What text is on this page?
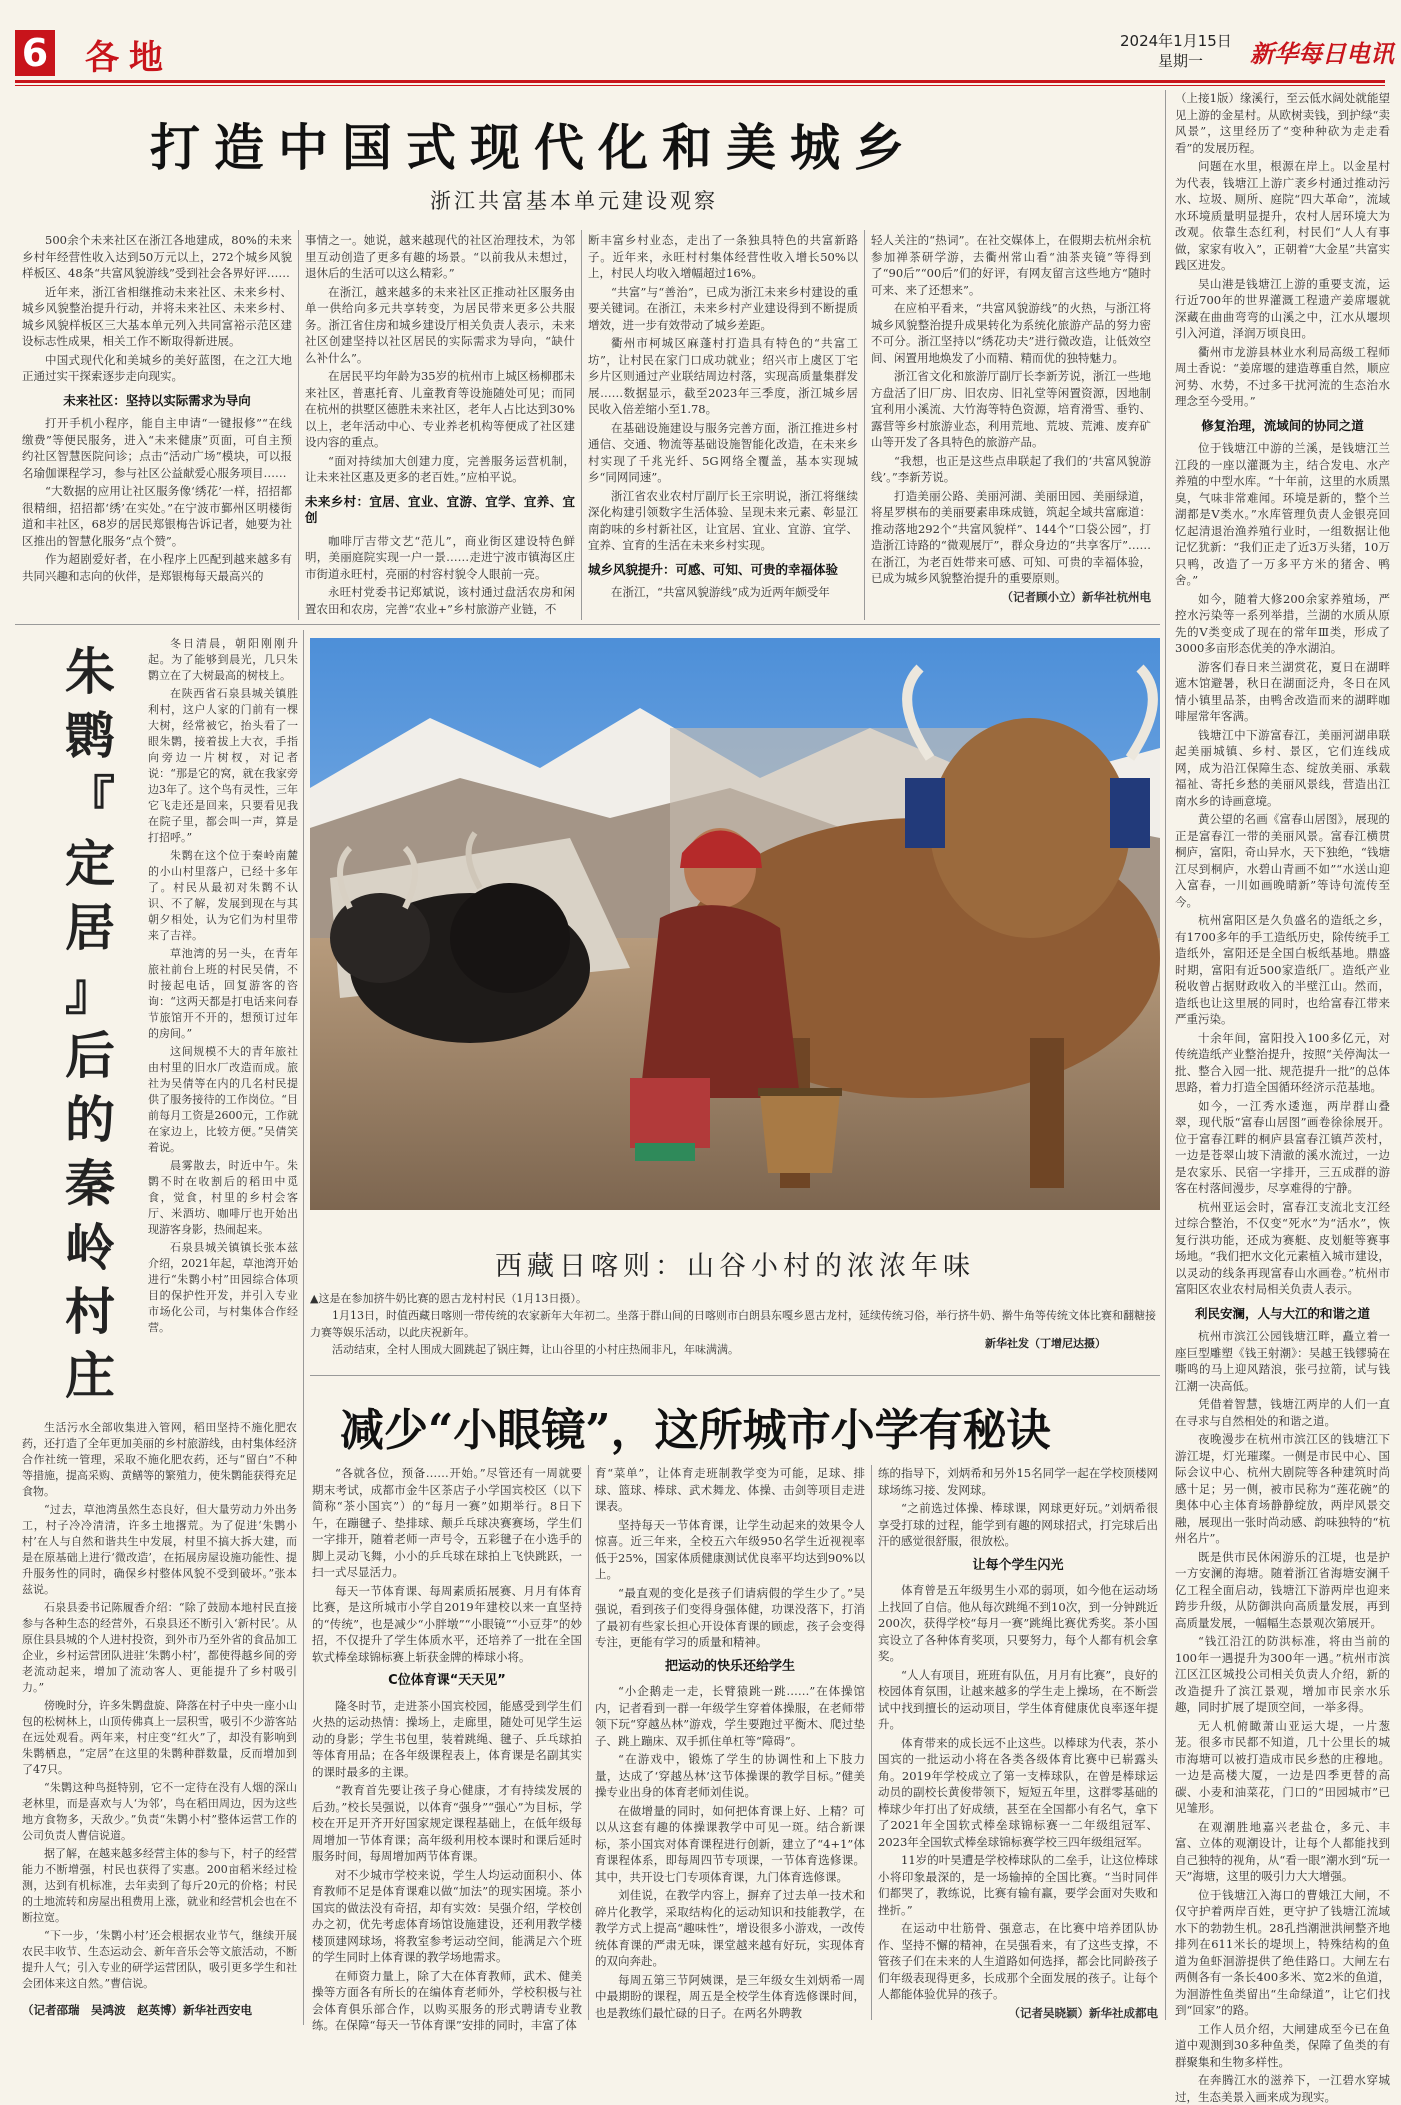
6 各地	2024年1月15日
星期一 新华每日电讯
打造中国式现代化和美城乡
浙江共富基本单元建设观察

500余个未来社区在浙江各地建成，80%的未来乡村年经营性收入达到50万元以上，272个城乡风貌样板区、48条“共富风貌游线”受到社会各界好评……

近年来，浙江省相继推动未来社区、未来乡村、城乡风貌整治提升行动，并将未来社区、未来乡村、城乡风貌样板区三大基本单元列入共同富裕示范区建设标志性成果，相关工作不断取得新进展。

中国式现代化和美城乡的美好蓝图，在之江大地正通过实干探索逐步走向现实。

未来社区：坚持以实际需求为导向

打开手机小程序，能自主申请“一键报修”“在线缴费”等便民服务，进入“未来健康”页面，可自主预约社区智慧医院问诊；点击“活动广场”模块，可以报名瑜伽课程学习，参与社区公益献爱心服务项目……

“大数据的应用让社区服务像‘绣花’一样，招招都很精细，招招都‘绣’在实处。”在宁波市鄞州区明楼街道和丰社区，68岁的居民郑银梅告诉记者，她要为社区推出的智慧化服务“点个赞”。

作为超剧爱好者，在小程序上匹配到越来越多有共同兴趣和志向的伙伴，是郑银梅每天最高兴的

事情之一。她说，越来越现代的社区治理技术，为邻里互动创造了更多有趣的场景。“以前我从未想过，退休后的生活可以这么精彩。”

在浙江，越来越多的未来社区正推动社区服务由单一供给向多元共享转变，为居民带来更多公共服务。浙江省住房和城乡建设厅相关负责人表示，未来社区创建坚持以社区居民的实际需求为导向，“缺什么补什么”。

在居民平均年龄为35岁的杭州市上城区杨柳郡未来社区，普惠托育、儿童教育等设施随处可见；而同在杭州的拱墅区德胜未来社区，老年人占比达到30%以上，老年活动中心、专业养老机构等便成了社区建设内容的重点。

“面对持续加大创建力度，完善服务运营机制，让未来社区惠及更多的老百姓。”应柏平说。

未来乡村：宜居、宜业、宜游、宜学、宜养、宜创

咖啡厅吉带文艺“范儿”，商业街区建设特色鲜明，美丽庭院实现一户一景……走进宁波市镇海区庄市街道永旺村，亮丽的村容村貌令人眼前一亮。

永旺村党委书记郑斌说，该村通过盘活农房和闲置农田和农房，完善“农业+”乡村旅游产业链，不

断丰富乡村业态，走出了一条独具特色的共富新路子。近年来，永旺村村集体经营性收入增长50%以上，村民人均收入增幅超过16%。

“共富”与“善治”，已成为浙江未来乡村建设的重要关键词。在浙江，未来乡村产业建设得到不断提质增效，进一步有效带动了城乡差距。

衢州市柯城区麻蓬村打造具有特色的“共富工坊”，让村民在家门口成功就业；绍兴市上虞区丁宅乡片区则通过产业联结周边村落，实现高质量集群发展……数据显示，截至2023年三季度，浙江城乡居民收入倍差缩小至1.78。

在基础设施建设与服务完善方面，浙江推进乡村通信、交通、物流等基础设施智能化改造，在未来乡村实现了千兆光纤、5G网络全覆盖，基本实现城乡“同网同速”。

浙江省农业农村厅副厅长王宗明说，浙江将继续深化构建引领数字生活体验、呈现未来元素、彰显江南韵味的乡村新社区，让宜居、宜业、宜游、宜学、宜养、宜育的生活在未来乡村实现。

城乡风貌提升：可感、可知、可贵的幸福体验

在浙江，“共富风貌游线”成为近两年颇受年

轻人关注的“热词”。在社交媒体上，在假期去杭州余杭参加禅茶研学游，去衢州常山看“油茶夹镜”等得到了“90后”“00后”们的好评，有网友留言这些地方“随时可来、来了还想来”。

在应柏平看来，“共富风貌游线”的火热，与浙江将城乡风貌整治提升成果转化为系统化旅游产品的努力密不可分。浙江坚持以“绣花功夫”进行微改造，让低效空间、闲置用地焕发了小而精、精而优的独特魅力。

浙江省文化和旅游厅副厅长李新芳说，浙江一些地方盘活了旧厂房、旧农房、旧礼堂等闲置资源，因地制宜利用小溪流、大竹海等特色资源，培育滑雪、垂钓、露营等乡村旅游业态，利用荒地、荒坡、荒滩、废弃矿山等开发了各具特色的旅游产品。

“我想，也正是这些点串联起了我们的‘共富风貌游线’。”李新芳说。

打造美丽公路、美丽河湖、美丽田园、美丽绿道，将星罗棋布的美丽要素串珠成链，筑起全域共富廊道：推动落地292个“共富风貌样”、144个“口袋公园”，打造浙江诗路的“微观展厅”，群众身边的“共享客厅”……在浙江，为老百姓带来可感、可知、可贵的幸福体验，已成为城乡风貌整治提升的重要原则。

（记者顾小立）新华社杭州电

（上接1版）缘溪行，至云低水阔处就能望见上游的金星村。从欧树卖钱，到护绿“卖风景”，这里经历了“变种种砍为走走看看”的发展历程。

问题在水里，根源在岸上。以金星村为代表，钱塘江上游广袤乡村通过推动污水、垃圾、厕所、庭院“四大革命”，流域水环境质量明显提升，农村人居环境大为改观。依靠生态红利，村民们“人人有事做，家家有收入”，正朝着“大金星”共富实践区进发。

吴山港是钱塘江上游的重要支流，运行近700年的世界灌溉工程遗产姜席堰就深藏在曲曲弯弯的山溪之中，江水从堰坝引入河道，泽润万顷良田。

衢州市龙游县林业水利局高级工程师周土香说：“姜席堰的建造尊重自然，顺应河势、水势，不过多干扰河流的生态治水理念至今受用。”

修复治理，流域间的协同之道

位于钱塘江中游的兰溪，是钱塘江兰江段的一座以灌溉为主，结合发电、水产养殖的中型水库。“十年前，这里的水质黑臭，气味非常难闻。环境是新的，整个兰湖都是V类水。”水库管理负责人金银亮回忆起清退治渔养殖行业时，一组数据让他记忆犹新：“我们正走了近3万头猪，10万只鸭，改造了一万多平方米的猪舍、鸭舍。”

如今，随着大修200余家养殖场，严控水污染等一系列举措，兰湖的水质从原先的V类变成了现在的常年Ⅲ类，形成了3000多亩形态优美的净水湖泊。

游客们春日来兰湖赏花，夏日在湖畔遮木馆避暑，秋日在湖面泛舟，冬日在风情小镇里品茶，由鸭舍改造而来的湖畔咖啡屋常年客满。

钱塘江中下游富春江，美丽河湖串联起美丽城镇、乡村、景区，它们连线成网，成为沿江保障生态、绽放美丽、承载福祉、寄托乡愁的美丽风景线，营造出江南水乡的诗画意境。

黄公望的名画《富春山居图》，展现的正是富春江一带的美丽风景。富春江横贯桐庐，富阳，奇山异水，天下独绝，“钱塘江尽到桐庐，水碧山青画不如”“水送山迎入富春，一川如画晚晴新”等诗句流传至今。

杭州富阳区是久负盛名的造纸之乡，有1700多年的手工造纸历史，除传统手工造纸外，富阳还是全国白板纸基地。鼎盛时期，富阳有近500家造纸厂。造纸产业税收曾占据财政收入的半壁江山。然而，造纸也让这里展的同时，也给富春江带来严重污染。

十余年间，富阳投入100多亿元，对传统造纸产业整治提升，按照“关停淘汰一批、整合入园一批、规范提升一批”的总体思路，着力打造全国循环经济示范基地。

如今，一江秀水逶迤，两岸群山叠翠，现代版“富春山居图”画卷徐徐展开。位于富春江畔的桐庐县富春江镇芦茨村，一边是苍翠山坡下清澈的溪水流过，一边是农家乐、民宿一字排开，三五成群的游客在村落间漫步，尽享难得的宁静。

杭州亚运会时，富春江支流北支江经过综合整治，不仅变“死水”为“活水”，恢复行洪功能，还成为赛艇、皮划艇等赛事场地。“我们把水文化元素植入城市建设，以灵动的线条再现富春山水画卷。”杭州市富阳区农业农村局相关负责人表示。

利民安澜，人与大江的和谐之道

杭州市滨江公园钱塘江畔，矗立着一座巨型雕塑《钱王射潮》：吴越王钱镠骑在嘶鸣的马上迎风踏浪，张弓拉箭，试与钱江潮一决高低。

凭借着智慧，钱塘江两岸的人们一直在寻求与自然相处的和谐之道。

夜晚漫步在杭州市滨江区的钱塘江下游江堤，灯光璀璨。一侧是市民中心、国际会议中心、杭州大剧院等各种建筑时尚感十足；另一侧，被市民称为“莲花碗”的奥体中心主体育场静静绽放，两岸风景交融，展现出一张时尚动感、韵味独特的“杭州名片”。

既是供市民休闲游乐的江堤，也是护一方安澜的海塘。随着浙江省海塘安澜千亿工程全面启动，钱塘江下游两岸也迎来跨步升级，从防御洪向高质量发展，再到高质量发展，一幅幅生态景观次第展开。

“钱江沿江的防洪标准，将由当前的100年一遇提升为300年一遇。”杭州市滨江区江区城投公司相关负责人介绍，新的改造提升了滨江景观，增加市民亲水乐趣，同时扩展了堤顶空间，一举多得。

无人机俯瞰萧山亚运大堤，一片葱茏。很多市民都不知道，几十公里长的城市海塘可以被打造成市民乡愁的庄穆地。一边是高楼大厦，一边是四季更替的高碳、小麦和油菜花，门口的“田园城市”已见雏形。

在观潮胜地嘉兴老盐仓，多元、丰富、立体的观潮设计，让每个人都能找到自己独特的视角，从“看一眼”潮水到“玩一天”海塘，这里的吸引力大大增强。

位于钱塘江入海口的曹娥江大闸，不仅守护着两岸百姓，更守护了钱塘江流域水下的勃勃生机。28孔挡潮泄洪闸整齐地排列在611米长的堤坝上，特殊结构的鱼道为鱼虾洄游提供了绝佳路口。大闸左右两侧各有一条长400多米、宽2米的鱼道，为洄游性鱼类留出“生命绿道”，让它们找到“回家”的路。

工作人员介绍，大闸建成至今已在鱼道中观测到30多种鱼类，保障了鱼类的有群聚集和生物多样性。

在奔腾江水的滋养下，一江碧水穿城过，生态美景入画来成为现实。

朱
鹮
『
定
居
』
后
的
秦
岭
村
庄

冬日清晨，朝阳刚刚升起。为了能够到晨光，几只朱鹮立在了大树最高的树枝上。

在陕西省石泉县城关镇胜利村，这户人家的门前有一棵大树，经常被它，抬头看了一眼朱鹮，接着拔上大衣，手指向旁边一片树杈，对记者说：“那是它的窝，就在我家旁边3年了。这个鸟有灵性，三年它飞走还是回来，只要看见我在院子里，都会叫一声，算是打招呼。”

朱鹮在这个位于秦岭南麓的小山村里落户，已经十多年了。村民从最初对朱鹮不认识、不了解，发展到现在与其朝夕相处，认为它们为村里带来了吉祥。

草池湾的另一头，在青年旅社前台上班的村民吴倩，不时接起电话，回复游客的咨询：“这两天都是打电话来问春节旅馆开不开的，想预订过年的房间。”

这间规模不大的青年旅社由村里的旧水厂改造而成。旅社为吴倩等在内的几名村民提供了服务接待的工作岗位。“目前每月工资是2600元，工作就在家边上，比较方便。”吴倩笑着说。

晨雾散去，时近中午。朱鹮不时在收割后的稻田中觅食，觉食，村里的乡村会客厅、米酒坊、咖啡厅也开始出现游客身影，热闹起来。

石泉县城关镇镇长张本兹介绍，2021年起，草池湾开始进行“朱鹮小村”田园综合体项目的保护性开发，并引入专业市场化公司，与村集体合作经营。

生活污水全部收集进入管网，稻田坚持不施化肥农药，还打造了全年更加美丽的乡村旅游线，由村集体经济合作社统一管理，采取不施化肥农药，还与“留白”不种等措施，提高采购、黄鳝等的繁殖力，使朱鹮能获得充足食物。

“过去，草池湾虽然生态良好，但大量劳动力外出务工，村子冷冷清清，许多土地撂荒。为了促进‘朱鹮小村’在人与自然和谐共生中发展，村里不搞大拆大建，而是在原基础上进行‘微改造’，在拓展房屋设施功能性、提升服务性的同时，确保乡村整体风貌不受到破坏。”张本兹说。

石泉县委书记陈履香介绍：“除了鼓励本地村民直接参与各种生态的经营外，石泉县还不断引入‘新村民’。从原住县县城的个人进村投资，到外市乃至外省的食品加工企业，乡村运营团队进驻‘朱鹮小村’，都使得越乡间的旁老流动起来，增加了流动客人、更能提升了乡村吸引力。”

傍晚时分，许多朱鹮盘旋、降落在村子中央一座小山包的松树林上，山顶传佛真上一层积雪，吸引不少游客站在远处观看。两年来，村庄变“红火”了，却没有影响到朱鹮栖息，“定居”在这里的朱鹮种群数量，反而增加到了47只。

“朱鹮这种鸟挺特别，它不一定待在没有人烟的深山老林里，而是喜欢与人‘为邻’，鸟在稻田周边，因为这些地方食物多，天敌少。”负责“朱鹮小村”整体运营工作的公司负责人曹信说道。

据了解，在越来越多经营主体的参与下，村子的经营能力不断增强，村民也获得了实惠。200亩稻米经过检测，达到有机标准，去年卖到了每斤20元的价格；村民的土地流转和房屋出租费用上涨，就业和经营机会也在不断拉宽。

“下一步，‘朱鹮小村’还会根据农业节气，继续开展农民丰收节、生态运动会、新年音乐会等文旅活动，不断提升人气；引入专业的研学运营团队，吸引更多学生和社会团体来这自然。”曹信说。

（记者邵瑞　吴鸿波　赵英博）新华社西安电
西藏日喀则：山谷小村的浓浓年味
▲这是在参加挤牛奶比赛的恩古龙村村民（1月13日摄）。
1月13日，时值西藏日喀则一带传统的农家新年大年初二。坐落于群山间的日喀则市白朗县东嘎乡恩古龙村，延续传统习俗，举行挤牛奶、擀牛角等传统文体比赛和翻糖接力赛等娱乐活动，以此庆祝新年。
活动结束，全村人围成大圆跳起了锅庄舞，让山谷里的小村庄热闹非凡，年味满满。	新华社发（丁增尼达摄）
减少“小眼镜”，这所城市小学有秘诀

“各就各位，预备……开始。”尽管还有一周就要期末考试，成都市金牛区茶店子小学国宾校区（以下简称“茶小国宾”）的“每月一赛”如期举行。8日下午，在蹦毽子、垫排球、颠乒乓球决赛赛场，学生们一字排开，随着老师一声号令，五彩毽子在小选手的脚上灵动飞舞，小小的乒乓球在球拍上飞快跳跃，一扫一式尽显活力。

每天一节体育课、每周素质拓展赛、月月有体育比赛，是这所城市小学自2019年建校以来一直坚持的“传统”，也是减少“小胖墩”“小眼镜”“小豆芽”的妙招，不仅提升了学生体质水平，还培养了一批在全国软式棒垒球锦标赛上斩获金牌的棒球小将。

C位体育课“天天见”

隆冬时节，走进茶小国宾校园，能感受到学生们火热的运动热情：操场上，走廊里，随处可见学生运动的身影；学生书包里，装着跳绳、毽子、乒乓球拍等体育用品；在各年级课程表上，体育课是名副其实的课时最多的主课。

“教育首先要让孩子身心健康，才有持续发展的后劲。”校长吴强说，以体育“强身”“强心”为目标，学校在开足开齐开好国家规定课程基础上，在低年级每周增加一节体育课；高年级利用校本课时和课后延时服务时间，每周增加两节体育课。

对不少城市学校来说，学生人均运动面积小、体育教师不足是体育课难以做“加法”的现实困境。茶小国宾的做法没有奇招，却有实效：吴强介绍，学校创办之初，优先考虑体育场馆设施建设，还利用教学楼楼顶建网球场，将教室参考运动空间，能满足六个班的学生同时上体育课的教学场地需求。

在师资力量上，除了大在体育教师，武术、健美操等方面各有所长的在编体育老师外，学校积极与社会体育俱乐部合作，以购买服务的形式聘请专业教练。在保障“每天一节体育课”安排的同时，丰富了体

育“菜单”，让体育走班制教学变为可能，足球、排球、篮球、棒球、武术舞龙、体操、击剑等项目走进课表。

坚持每天一节体育课，让学生动起来的效果令人惊喜。近三年来，全校五六年级950名学生近视视率低于25%，国家体质健康测试优良率平均达到90%以上。

“最直观的变化是孩子们请病假的学生少了。”吴强说，看到孩子们变得身强体健，功课没落下，打消了最初有些家长担心开设体育课的顾虑，孩子会变得专注，更能有学习的质量和精神。

把运动的快乐还给学生

“小企鹅走一走，长臂猿跳一跳……”在体操馆内，记者看到一群一年级学生穿着体操服，在老师带领下玩“穿越丛林”游戏，学生要跑过平衡木、爬过垫子、跳上蹦床、双手抓住单杠等“障碍”。

“在游戏中，锻炼了学生的协调性和上下肢力量，达成了‘穿越丛林’这节体操课的教学目标。”健美操专业出身的体育老师刘佳说。

在做增量的同时，如何把体育课上好、上精？可以从这套有趣的体操课教学中可见一斑。结合新课标，茶小国宾对体育课程进行创新，建立了“4+1”体育课程体系，即每周四节专项课，一节体育选修课。其中，共开设七门专项体育课，九门体育选修课。

刘佳说，在教学内容上，摒弃了过去单一技术和碎片化教学，采取结构化的运动知识和技能教学，在教学方式上提高“趣味性”，增设很多小游戏，一改传统体育课的严肃无味，课堂越来越有好玩，实现体育的双向奔赴。

每周五第三节阿姨课，是三年级女生刘炳希一周中最期盼的课程，周五是全校学生体育选修课时间，也是教练们最忙碌的日子。在两名外聘教

练的指导下，刘炳希和另外15名同学一起在学校顶楼网球场练习接、发网球。

“之前选过体操、棒球课，网球更好玩。”刘炳希很享受打球的过程，能学到有趣的网球招式，打完球后出汗的感觉很舒服，很放松。

让每个学生闪光

体育曾是五年级男生小邓的弱项，如今他在运动场上找回了自信。他从每次跳绳不到10次，到一分钟跳近200次，获得学校“每月一赛”跳绳比赛优秀奖。茶小国宾设立了各种体育奖项，只要努力，每个人都有机会拿奖。

“人人有项目，班班有队伍，月月有比赛”，良好的校园体育氛围，让越来越多的学生走上操场，在不断尝试中找到擅长的运动项目，学生体育健康优良率逐年提升。

体育带来的成长远不止这些。以棒球为代表，茶小国宾的一批运动小将在各类各级体育比赛中已崭露头角。2019年学校成立了第一支棒球队，在曾是棒球运动员的副校长黄俊带领下，短短五年里，这群零基础的棒球少年打出了好成绩，甚至在全国都小有名气，拿下了2021年全国软式棒垒球锦标赛一二年级组冠军、2023年全国软式棒垒球锦标赛学校三四年级组冠军。

11岁的叶昊遭是学校棒球队的二垒手，让这位棒球小将印象最深的，是一场输掉的全国比赛。“当时同伴们都哭了，教练说，比赛有输有赢，要学会面对失败和挫折。”

在运动中壮筋骨、强意志，在比赛中培养团队协作、坚持不懈的精神，在吴强看来，有了这些支撑，不管孩子们在未来的人生道路如何选择，都会比同龄孩子们年级表现得更多，长成那个全面发展的孩子。让每个人都能体验优异的孩子。

（记者吴晓颖）新华社成都电
